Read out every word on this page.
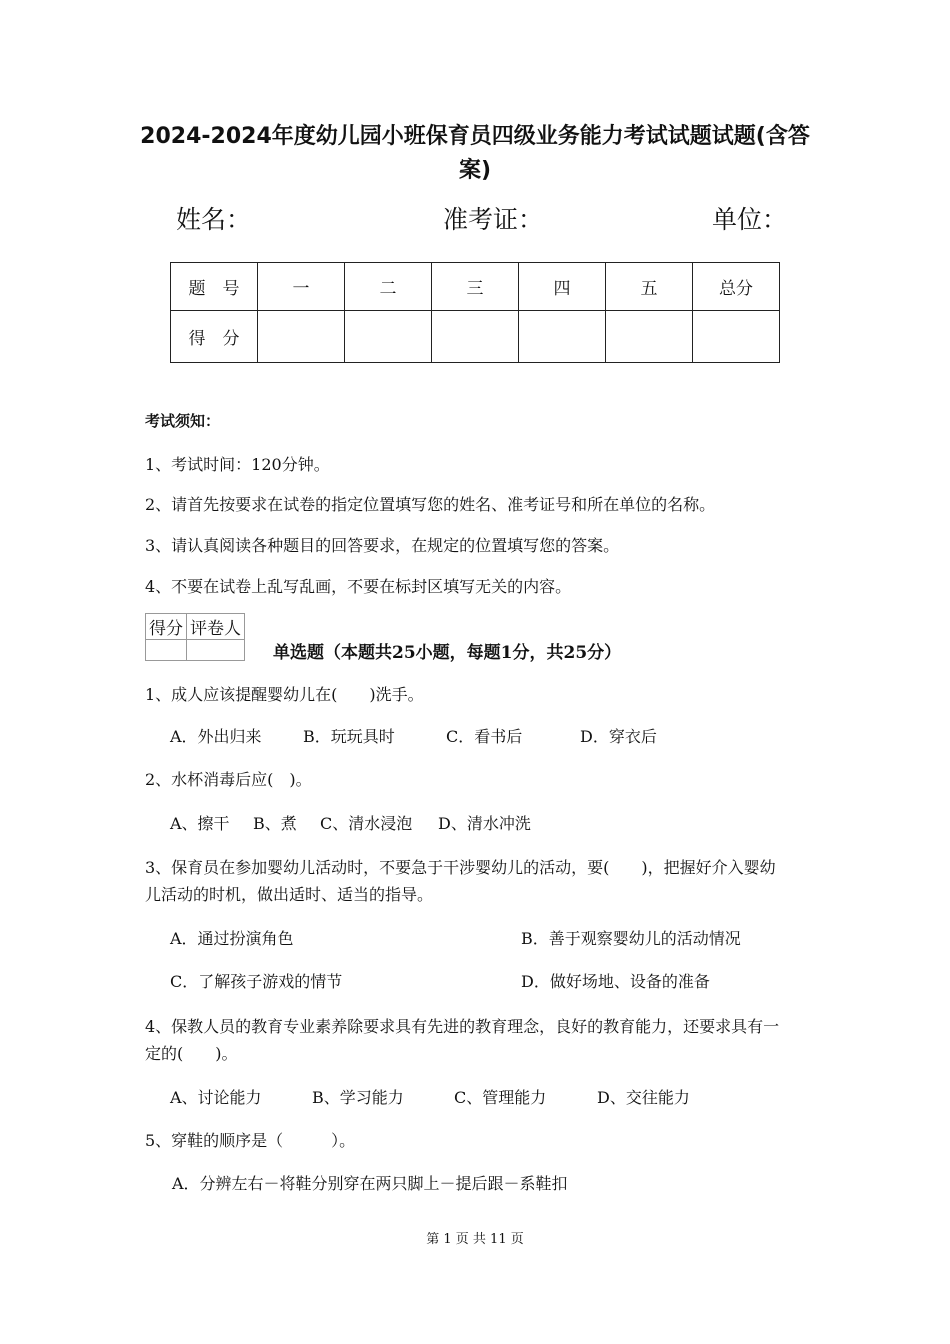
2024-2024年度幼儿园小班保育员四级业务能力考试试题试题(含答
案)
姓名：	准考证：	单位：
题　号	一	二	三	四	五	总分
得　分						
考试须知：
1、考试时间：120分钟。
2、请首先按要求在试卷的指定位置填写您的姓名、准考证号和所在单位的名称。
3、请认真阅读各种题目的回答要求，在规定的位置填写您的答案。
4、不要在试卷上乱写乱画，不要在标封区填写无关的内容。
得分	评卷人

单选题（本题共25小题，每题1分，共25分）
1、成人应该提醒婴幼儿在(　　)洗手。
A．外出归来	B．玩玩具时	C．看书后	D．穿衣后
2、水杯消毒后应(　)。
A、擦干 B、煮 C、清水浸泡 D、清水冲洗
3、保育员在参加婴幼儿活动时，不要急于干涉婴幼儿的活动，要(　　)，把握好介入婴幼
儿活动的时机，做出适时、适当的指导。
A．通过扮演角色	B．善于观察婴幼儿的活动情况
C．了解孩子游戏的情节	D．做好场地、设备的准备
4、保教人员的教育专业素养除要求具有先进的教育理念，良好的教育能力，还要求具有一
定的(　　)。
A、讨论能力	B、学习能力	C、管理能力	D、交往能力
5、穿鞋的顺序是（　　　）。
A．分辨左右－将鞋分别穿在两只脚上－提后跟－系鞋扣
第 1 页 共 11 页
